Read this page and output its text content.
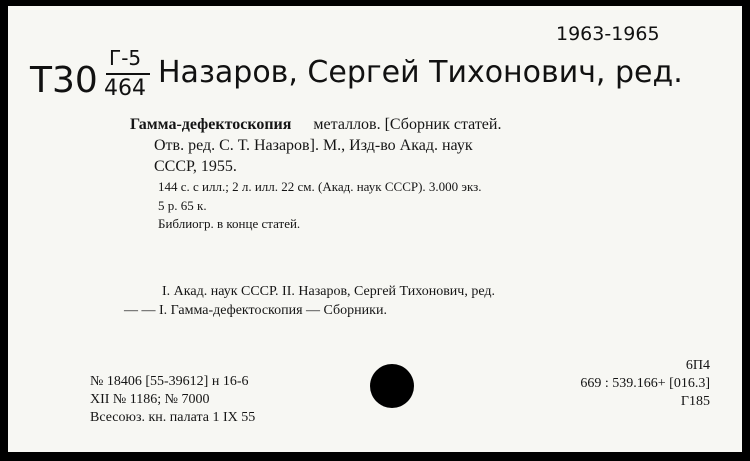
1963-1965
Т30
Г-5
464 Назаров, Сергей Тихонович, ред.
Гамма-дефектоскопия металлов. [Сборник статей.
Отв. ред. С. Т. Назаров]. М., Изд-во Акад. наук
СССР, 1955.
144 с. с илл.; 2 л. илл. 22 см. (Акад. наук СССР). 3.000 экз.
5 р. 65 к.
Библиогр. в конце статей.
I. Акад. наук СССР. II. Назаров, Сергей Тихонович, ред.
— — I. Гамма-дефектоскопия — Сборники.
№ 18406 [55-39612] н 16-6
XII № 1186; № 7000
Всесоюз. кн. палата 1 IX 55
6П4
669 : 539.166+ [016.3]
Г185
